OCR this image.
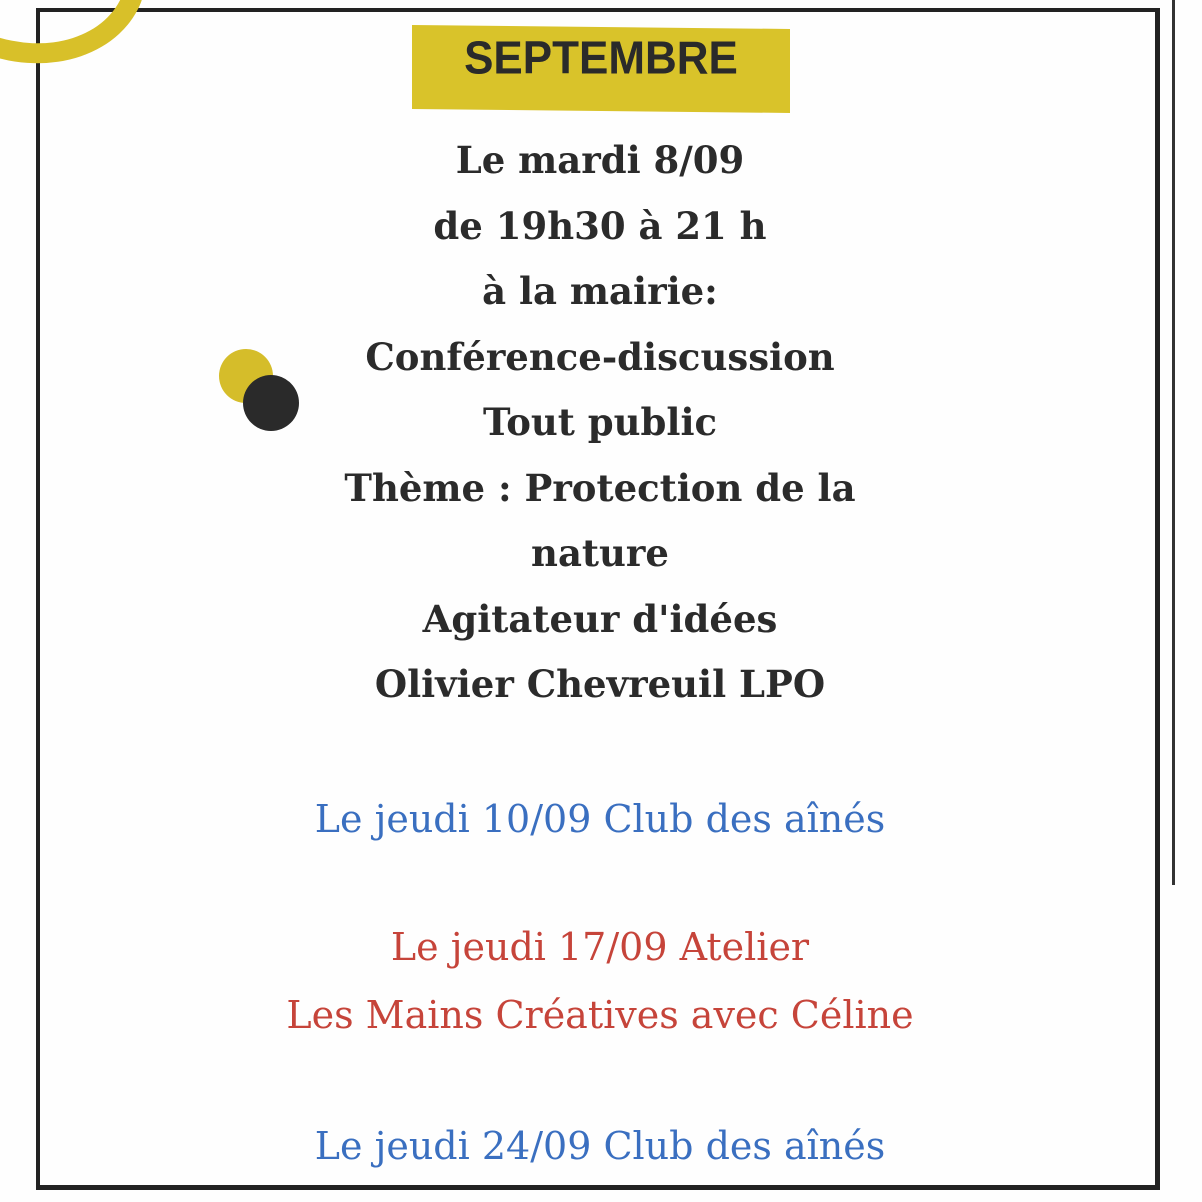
SEPTEMBRE
Le mardi 8/09
de 19h30 à 21 h
à la mairie:
Conférence-discussion
Tout public
Thème : Protection de la
nature
Agitateur d'idées
Olivier Chevreuil LPO
Le jeudi 10/09 Club des aînés
Le jeudi 17/09 Atelier
Les Mains Créatives avec Céline
Le jeudi 24/09 Club des aînés
